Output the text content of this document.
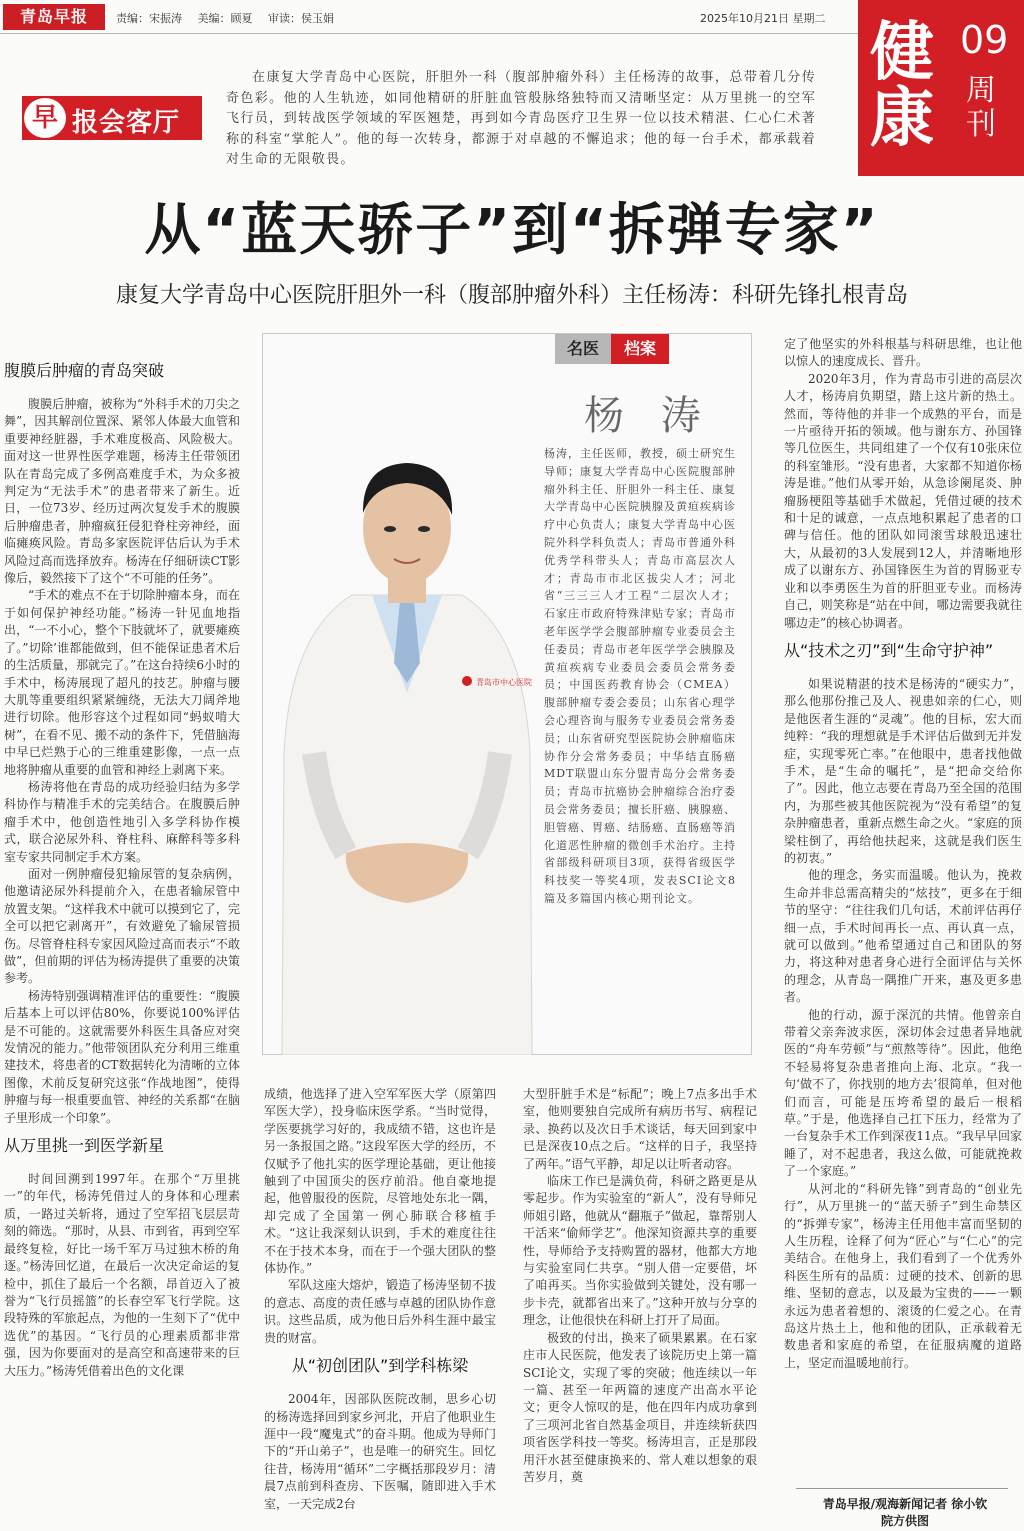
青岛早报	责编：宋振涛 美编：顾夏 审读：侯玉娟	2025年10月21日 星期二 健康
09
周刊
早 报会客厅
在康复大学青岛中心医院，肝胆外一科（腹部肿瘤外科）主任杨涛的故事，总带着几分传奇色彩。他的人生轨迹，如同他精研的肝脏血管般脉络独特而又清晰坚定：从万里挑一的空军飞行员，到转战医学领域的军医翘楚，再到如今青岛医疗卫生界一位以技术精湛、仁心仁术著称的科室“掌舵人”。他的每一次转身，都源于对卓越的不懈追求；他的每一台手术，都承载着对生命的无限敬畏。
从“蓝天骄子”到“拆弹专家”
康复大学青岛中心医院肝胆外一科（腹部肿瘤外科）主任杨涛：科研先锋扎根青岛
腹膜后肿瘤的青岛突破

腹膜后肿瘤，被称为“外科手术的刀尖之舞”，因其解剖位置深、紧邻人体最大血管和重要神经脏器，手术难度极高、风险极大。面对这一世界性医学难题，杨涛主任带领团队在青岛完成了多例高难度手术，为众多被判定为“无法手术”的患者带来了新生。近日，一位73岁、经历过两次复发手术的腹膜后肿瘤患者，肿瘤疯狂侵犯脊柱旁神经，面临瘫痪风险。青岛多家医院评估后认为手术风险过高而选择放弃。杨涛在仔细研读CT影像后，毅然接下了这个“不可能的任务”。

“手术的难点不在于切除肿瘤本身，而在于如何保护神经功能。”杨涛一针见血地指出，“一不小心，整个下肢就坏了，就要瘫痪了。”切除’谁都能做到，但不能保证患者术后的生活质量，那就完了。”在这台持续6小时的手术中，杨涛展现了超凡的技艺。肿瘤与腰大肌等重要组织紧紧缠绕，无法大刀阔斧地进行切除。他形容这个过程如同“蚂蚁啃大树”，在看不见、搬不动的条件下，凭借脑海中早已烂熟于心的三维重建影像，一点一点地将肿瘤从重要的血管和神经上剥离下来。

杨涛将他在青岛的成功经验归结为多学科协作与精准手术的完美结合。在腹膜后肿瘤手术中，他创造性地引入多学科协作模式，联合泌尿外科、脊柱科、麻醉科等多科室专家共同制定手术方案。

面对一例肿瘤侵犯输尿管的复杂病例，他邀请泌尿外科提前介入，在患者输尿管中放置支架。“这样我术中就可以摸到它了，完全可以把它剥离开”，有效避免了输尿管损伤。尽管脊柱科专家因风险过高而表示“不敢做”，但前期的评估为杨涛提供了重要的决策参考。

杨涛特别强调精准评估的重要性：“腹膜后基本上可以评估80%，你要说100%评估是不可能的。这就需要外科医生具备应对突发情况的能力。”他带领团队充分利用三维重建技术，将患者的CT数据转化为清晰的立体图像，术前反复研究这张“作战地图”，使得肿瘤与每一根重要血管、神经的关系都“在脑子里形成一个印象”。

从万里挑一到医学新星

时间回溯到1997年。在那个“万里挑一”的年代，杨涛凭借过人的身体和心理素质，一路过关斩将，通过了空军招飞层层苛刻的筛选。“那时，从县、市到省，再到空军最终复检，好比一场千军万马过独木桥的角逐。”杨涛回忆道，在最后一次决定命运的复检中，抓住了最后一个名额，昂首迈入了被誉为“飞行员摇篮”的长春空军飞行学院。这段特殊的军旅起点，为他的一生刻下了“优中选优”的基因。“飞行员的心理素质都非常强，因为你要面对的是高空和高速带来的巨大压力。”杨涛凭借着出色的文化课

名医	档案
青岛市中心医院
杨 涛
杨涛，主任医师，教授，硕士研究生导师；康复大学青岛中心医院腹部肿瘤外科主任、肝胆外一科主任、康复大学青岛中心医院胰腺及黄疸疾病诊疗中心负责人；康复大学青岛中心医院外科学科负责人；青岛市普通外科优秀学科带头人；青岛市高层次人才；青岛市市北区拔尖人才；河北省“三三三人才工程”二层次人才；石家庄市政府特殊津贴专家；青岛市老年医学学会腹部肿瘤专业委员会主任委员；青岛市老年医学学会胰腺及黄疸疾病专业委员会委员会常务委员；中国医药教育协会（CMEA）腹部肿瘤专委会委员；山东省心理学会心理咨询与服务专业委员会常务委员；山东省研究型医院协会肿瘤临床协作分会常务委员；中华结直肠癌MDT联盟山东分盟青岛分会常务委员；青岛市抗癌协会肿瘤综合治疗委员会常务委员；擅长肝癌、胰腺癌、胆管癌、胃癌、结肠癌、直肠癌等消化道恶性肿瘤的微创手术治疗。主持省部级科研项目3项，获得省级医学科技奖一等奖4项，发表SCI论文8篇及多篇国内核心期刊论文。

成绩，他选择了进入空军军医大学（原第四军医大学），投身临床医学系。“当时觉得，学医要挑学习好的，我成绩不错，这也许是另一条报国之路。”这段军医大学的经历，不仅赋予了他扎实的医学理论基础，更让他接触到了中国顶尖的医疗前沿。他自豪地提起，他曾服役的医院，尽管地处东北一隅，却完成了全国第一例心肺联合移植手术。“这让我深刻认识到，手术的难度往往不在于技术本身，而在于一个强大团队的整体协作。”

军队这座大熔炉，锻造了杨涛坚韧不拔的意志、高度的责任感与卓越的团队协作意识。这些品质，成为他日后外科生涯中最宝贵的财富。

从“初创团队”到学科栋梁

2004年，因部队医院改制，思乡心切的杨涛选择回到家乡河北，开启了他职业生涯中一段“魔鬼式”的奋斗期。他成为导师门下的“开山弟子”，也是唯一的研究生。回忆往昔，杨涛用“循环”二字概括那段岁月：清晨7点前到科查房、下医嘱，随即进入手术室，一天完成2台

大型肝脏手术是“标配”；晚上7点多出手术室，他则要独自完成所有病历书写、病程记录、换药以及次日手术谈话，每天回到家中已是深夜10点之后。“这样的日子，我坚持了两年。”语气平静，却足以让听者动容。

临床工作已是满负荷，科研之路更是从零起步。作为实验室的“新人”，没有导师兄师姐引路，他就从“翻瓶子”做起，靠帮别人干活来“偷师学艺”。他深知资源共享的重要性，导师给予支持购置的器材，他都大方地与实验室同仁共享。“别人借一定要借，坏了咱再买。当你实验做到关键处，没有哪一步卡壳，就都省出来了。”这种开放与分享的理念，让他很快在科研上打开了局面。

极致的付出，换来了硕果累累。在石家庄市人民医院，他发表了该院历史上第一篇SCI论文，实现了零的突破；他连续以一年一篇、甚至一年两篇的速度产出高水平论文；更令人惊叹的是，他在四年内成功拿到了三项河北省自然基金项目，并连续斩获四项省医学科技一等奖。杨涛坦言，正是那段用汗水甚至健康换来的、常人难以想象的艰苦岁月，奠

定了他坚实的外科根基与科研思维，也让他以惊人的速度成长、晋升。

2020年3月，作为青岛市引进的高层次人才，杨涛肩负期望，踏上这片新的热土。然而，等待他的并非一个成熟的平台，而是一片亟待开拓的领域。他与谢东方、孙国锋等几位医生，共同组建了一个仅有10张床位的科室雏形。“没有患者，大家都不知道你杨涛是谁。”他们从零开始，从急诊阑尾炎、肿瘤肠梗阻等基础手术做起，凭借过硬的技术和十足的诚意，一点点地积累起了患者的口碑与信任。他的团队如同滚雪球般迅速壮大，从最初的3人发展到12人，并清晰地形成了以谢东方、孙国锋医生为首的胃肠亚专业和以李勇医生为首的肝胆亚专业。而杨涛自己，则笑称是“站在中间，哪边需要我就往哪边走”的核心协调者。

从“技术之刃”到“生命守护神”

如果说精湛的技术是杨涛的“硬实力”，那么他那份推己及人、视患如亲的仁心，则是他医者生涯的“灵魂”。他的目标，宏大而纯粹：“我的理想就是手术评估后做到无并发症，实现零死亡率。”在他眼中，患者找他做手术，是“生命的嘱托”，是“把命交给你了”。因此，他立志要在青岛乃至全国的范围内，为那些被其他医院视为“没有希望”的复杂肿瘤患者，重新点燃生命之火。“家庭的顶梁柱倒了，再给他扶起来，这就是我们医生的初衷。”

他的理念，务实而温暖。他认为，挽救生命并非总需高精尖的“炫技”，更多在于细节的坚守：“往往我们几句话，术前评估再仔细一点，手术时间再长一点、再认真一点，就可以做到。”他希望通过自己和团队的努力，将这种对患者身心进行全面评估与关怀的理念，从青岛一隅推广开来，惠及更多患者。

他的行动，源于深沉的共情。他曾亲自带着父亲奔波求医，深切体会过患者异地就医的“舟车劳顿”与“煎熬等待”。因此，他绝不轻易将复杂患者推向上海、北京。“我一句‘做不了，你找别的地方去’很简单，但对他们而言，可能是压垮希望的最后一根稻草。”于是，他选择自己扛下压力，经常为了一台复杂手术工作到深夜11点。“我早早回家睡了，对不起患者，我这么做，可能就挽救了一个家庭。”

从河北的“科研先锋”到青岛的“创业先行”，从万里挑一的“蓝天骄子”到生命禁区的“拆弹专家”，杨涛主任用他丰富而坚韧的人生历程，诠释了何为“匠心”与“仁心”的完美结合。在他身上，我们看到了一个优秀外科医生所有的品质：过硬的技术、创新的思维、坚韧的意志，以及最为宝贵的——一颗永远为患者着想的、滚烫的仁爱之心。在青岛这片热土上，他和他的团队，正承载着无数患者和家庭的希望，在征服病魔的道路上，坚定而温暖地前行。

青岛早报/观海新闻记者 徐小钦
院方供图
